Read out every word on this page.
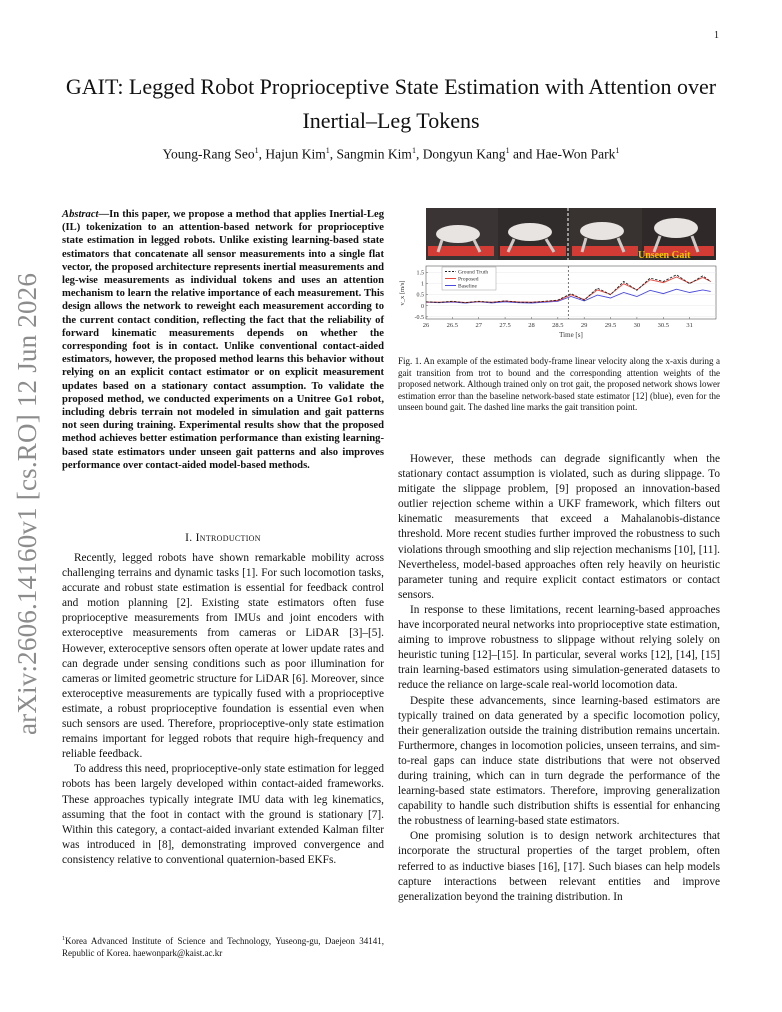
1
GAIT: Legged Robot Proprioceptive State Estimation with Attention over Inertial–Leg Tokens
Young-Rang Seo$^1$, Hajun Kim$^1$, Sangmin Kim$^1$, Dongyun Kang$^1$ and Hae-Won Park$^1$
arXiv:2606.14160v1 [cs.RO] 12 Jun 2026
Abstract—In this paper, we propose a method that applies Inertial-Leg (IL) tokenization to an attention-based network for proprioceptive state estimation in legged robots. Unlike existing learning-based state estimators that concatenate all sensor measurements into a single flat vector, the proposed architecture represents inertial measurements and leg-wise measurements as individual tokens and uses an attention mechanism to learn the relative importance of each measurement. This design allows the network to reweight each measurement according to the current contact condition, reflecting the fact that the reliability of forward kinematic measurements depends on whether the corresponding foot is in contact. Unlike conventional contact-aided estimators, however, the proposed method learns this behavior without relying on an explicit contact estimator or on explicit measurement updates based on a stationary contact assumption. To validate the proposed method, we conducted experiments on a Unitree Go1 robot, including debris terrain not modeled in simulation and gait patterns not seen during training. Experimental results show that the proposed method achieves better estimation performance than existing learning-based state estimators under unseen gait patterns and also improves performance over contact-aided model-based methods.
I. Introduction

Recently, legged robots have shown remarkable mobility across challenging terrains and dynamic tasks [1]. For such locomotion tasks, accurate and robust state estimation is essential for feedback control and motion planning [2]. Existing state estimators often fuse proprioceptive measurements from IMUs and joint encoders with exteroceptive measurements from cameras or LiDAR [3]–[5]. However, exteroceptive sensors often operate at lower update rates and can degrade under sensing conditions such as poor illumination for cameras or limited geometric structure for LiDAR [6]. Moreover, since exteroceptive measurements are typically fused with a proprioceptive estimate, a robust proprioceptive foundation is essential even when such sensors are used. Therefore, proprioceptive-only state estimation remains important for legged robots that require high-frequency and reliable feedback.

To address this need, proprioceptive-only state estimation for legged robots has been largely developed within contact-aided frameworks. These approaches typically integrate IMU data with leg kinematics, assuming that the foot in contact with the ground is stationary [7]. Within this category, a contact-aided invariant extended Kalman filter was introduced in [8], demonstrating improved convergence and consistency relative to conventional quaternion-based EKFs.

$^1$Korea Advanced Institute of Science and Technology, Yuseong-gu, Daejeon 34141, Republic of Korea. haewonpark@kaist.ac.kr
Unseen Gait
26	26.5	27	27.5	28	28.5	29	29.5	30	30.5	31
-0.5
0
0.5
1
1.5
Time [s]
v_x [m/s]
Ground Truth
Proposed
Baseline
Fig. 1. An example of the estimated body-frame linear velocity along the x-axis during a gait transition from trot to bound and the corresponding attention weights of the proposed network. Although trained only on trot gait, the proposed network shows lower estimation error than the baseline network-based state estimator [12] (blue), even for the unseen bound gait. The dashed line marks the gait transition point.

However, these methods can degrade significantly when the stationary contact assumption is violated, such as during slippage. To mitigate the slippage problem, [9] proposed an innovation-based outlier rejection scheme within a UKF framework, which filters out kinematic measurements that exceed a Mahalanobis-distance threshold. More recent studies further improved the robustness to such violations through smoothing and slip rejection mechanisms [10], [11]. Nevertheless, model-based approaches often rely heavily on heuristic parameter tuning and require explicit contact estimators or contact sensors.

In response to these limitations, recent learning-based approaches have incorporated neural networks into proprioceptive state estimation, aiming to improve robustness to slippage without relying solely on heuristic tuning [12]–[15]. In particular, several works [12], [14], [15] train learning-based estimators using simulation-generated datasets to reduce the reliance on large-scale real-world locomotion data.

Despite these advancements, since learning-based estimators are typically trained on data generated by a specific locomotion policy, their generalization outside the training distribution remains uncertain. Furthermore, changes in locomotion policies, unseen terrains, and sim-to-real gaps can induce state distributions that were not observed during training, which can in turn degrade the performance of the learning-based state estimators. Therefore, improving generalization capability to handle such distribution shifts is essential for enhancing the robustness of learning-based state estimators.

One promising solution is to design network architectures that incorporate the structural properties of the target problem, often referred to as inductive biases [16], [17]. Such biases can help models capture interactions between relevant entities and improve generalization beyond the training distribution. In
